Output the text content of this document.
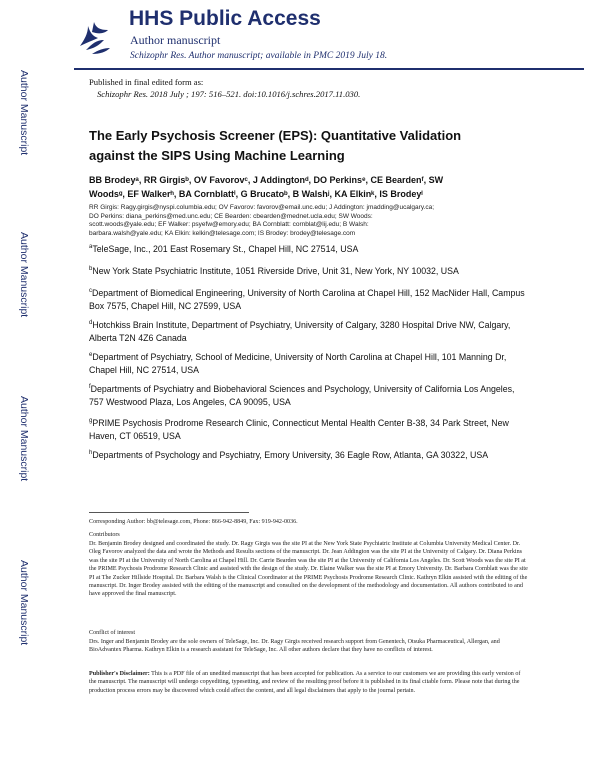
HHS Public Access
Author manuscript
Schizophr Res. Author manuscript; available in PMC 2019 July 18.
Author Manuscript
Author Manuscript
Author Manuscript
Author Manuscript
Published in final edited form as:
Schizophr Res. 2018 July ; 197: 516–521. doi:10.1016/j.schres.2017.11.030.
The Early Psychosis Screener (EPS): Quantitative Validation
against the SIPS Using Machine Learning
BB Brodeyᵃ, RR Girgisᵇ, OV Favorovᶜ, J Addingtonᵈ, DO Perkinsᵉ, CE Beardenᶠ, SW
Woodsᵍ, EF Walkerʰ, BA Cornblattⁱ, G Brucatoᵇ, B Walshʲ, KA Elkinᵏ, IS Brodeyˡ
RR Girgis: Ragy.girgis@nyspi.columbia.edu; OV Favorov: favorov@email.unc.edu; J Addington: jmadding@ucalgary.ca;
DO Perkins: diana_perkins@med.unc.edu; CE Bearden: cbearden@mednet.ucla.edu; SW Woods:
scott.woods@yale.edu; EF Walker: psyefw@emory.edu; BA Cornblatt: cornblat@lij.edu; B Walsh:
barbara.walsh@yale.edu; KA Elkin: kelkin@telesage.com; IS Brodey: brodey@telesage.com
$^a$TeleSage, Inc., 201 East Rosemary St., Chapel Hill, NC 27514, USA
$^b$New York State Psychiatric Institute, 1051 Riverside Drive, Unit 31, New York, NY 10032, USA
$^c$Department of Biomedical Engineering, University of North Carolina at Chapel Hill, 152 MacNider Hall, Campus Box 7575, Chapel Hill, NC 27599, USA
$^d$Hotchkiss Brain Institute, Department of Psychiatry, University of Calgary, 3280 Hospital Drive NW, Calgary, Alberta T2N 4Z6 Canada
$^e$Department of Psychiatry, School of Medicine, University of North Carolina at Chapel Hill, 101 Manning Dr, Chapel Hill, NC 27514, USA
$^f$Departments of Psychiatry and Biobehavioral Sciences and Psychology, University of California Los Angeles, 757 Westwood Plaza, Los Angeles, CA 90095, USA
$^g$PRIME Psychosis Prodrome Research Clinic, Connecticut Mental Health Center B-38, 34 Park Street, New Haven, CT 06519, USA
$^h$Departments of Psychology and Psychiatry, Emory University, 36 Eagle Row, Atlanta, GA 30322, USA
Corresponding Author: bb@telesage.com, Phone: 866-942-8849, Fax: 919-942-0036.
Contributors
Dr. Benjamin Brodey designed and coordinated the study. Dr. Ragy Girgis was the site PI at the New York State Psychiatric Institute at Columbia University Medical Center. Dr. Oleg Favorov analyzed the data and wrote the Methods and Results sections of the manuscript. Dr. Jean Addington was the site PI at the University of Calgary. Dr. Diana Perkins was the site PI at the University of North Carolina at Chapel Hill. Dr. Carrie Bearden was the site PI at the University of California Los Angeles. Dr. Scott Woods was the site PI at the PRIME Psychosis Prodrome Research Clinic and assisted with the design of the study. Dr. Elaine Walker was the site PI at Emory University. Dr. Barbara Cornblatt was the site PI at The Zucker Hillside Hospital. Dr. Barbara Walsh is the Clinical Coordinator at the PRIME Psychosis Prodrome Research Clinic. Kathryn Elkin assisted with the editing of the manuscript. Dr. Inger Brodey assisted with the editing of the manuscript and consulted on the development of the methodology and documentation. All authors contributed to and have approved the final manuscript.
Conflict of interest
Drs. Inger and Benjamin Brodey are the sole owners of TeleSage, Inc. Dr. Ragy Girgis received research support from Genentech, Otsuka Pharmaceutical, Allergan, and BioAdvantex Pharma. Kathryn Elkin is a research assistant for TeleSage, Inc. All other authors declare that they have no conflicts of interest.
Publisher's Disclaimer: This is a PDF file of an unedited manuscript that has been accepted for publication. As a service to our customers we are providing this early version of the manuscript. The manuscript will undergo copyediting, typesetting, and review of the resulting proof before it is published in its final citable form. Please note that during the production process errors may be discovered which could affect the content, and all legal disclaimers that apply to the journal pertain.
